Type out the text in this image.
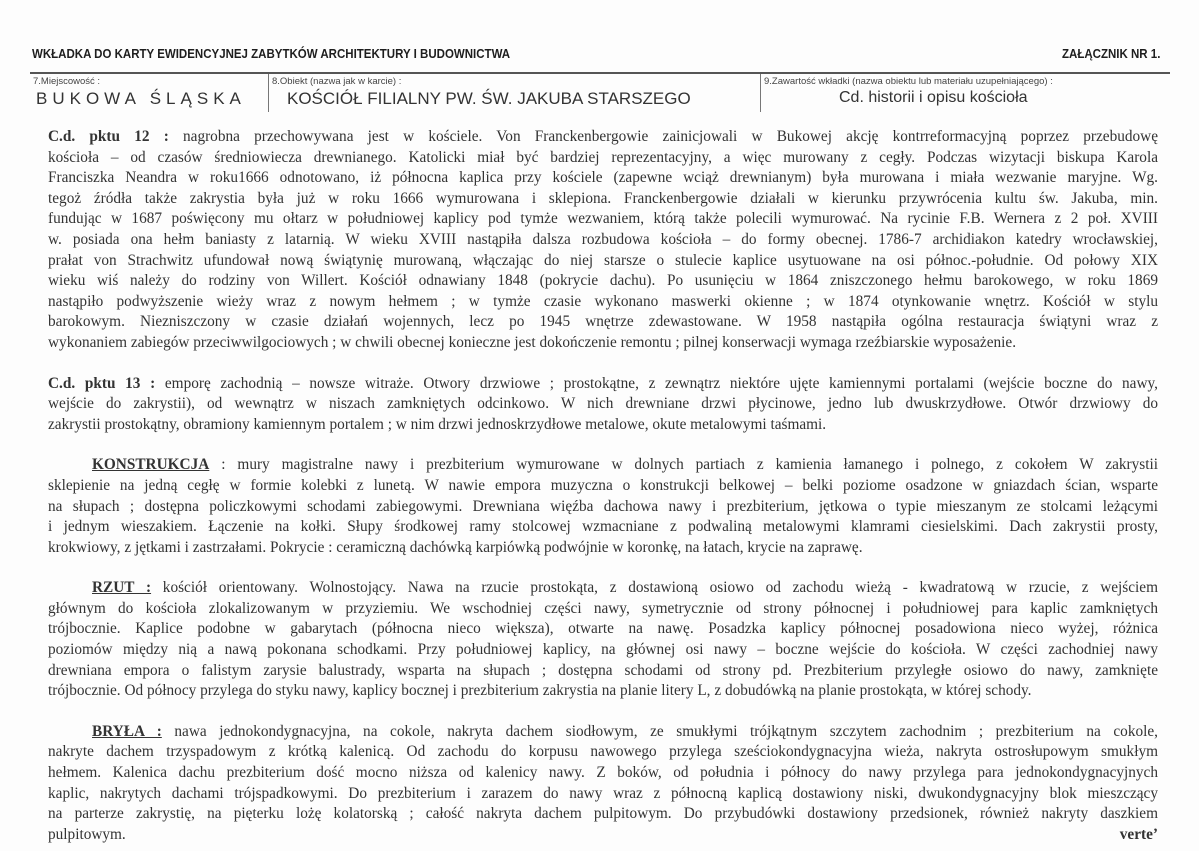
WKŁADKA DO KARTY EWIDENCYJNEJ ZABYTKÓW ARCHITEKTURY I BUDOWNICTWA	ZAŁĄCZNIK NR 1.
7.Miejscowość :
BUKOWA ŚLĄSKA
8.Obiekt (nazwa jak w karcie) :
KOŚCIÓŁ FILIALNY PW. ŚW. JAKUBA STARSZEGO
9.Zawartość wkładki (nazwa obiektu lub materiału uzupełniającego) :
Cd. historii i opisu kościoła
C.d. pktu 12 : nagrobna przechowywana jest w kościele. Von Franckenbergowie zainicjowali w Bukowej akcję kontrreformacyjną poprzez przebudowę
kościoła – od czasów średniowiecza drewnianego. Katolicki miał być bardziej reprezentacyjny, a więc murowany z cegły. Podczas wizytacji biskupa Karola
Franciszka Neandra w roku1666 odnotowano, iż północna kaplica przy kościele (zapewne wciąż drewnianym) była murowana i miała wezwanie maryjne. Wg.
tegoż źródła także zakrystia była już w roku 1666 wymurowana i sklepiona. Franckenbergowie działali w kierunku przywrócenia kultu św. Jakuba, min.
fundując w 1687 poświęcony mu ołtarz w południowej kaplicy pod tymże wezwaniem, którą także polecili wymurować. Na rycinie F.B. Wernera z 2 poł. XVIII
w. posiada ona hełm baniasty z latarnią. W wieku XVIII nastąpiła dalsza rozbudowa kościoła – do formy obecnej. 1786-7 archidiakon katedry wrocławskiej,
prałat von Strachwitz ufundował nową świątynię murowaną, włączając do niej starsze o stulecie kaplice usytuowane na osi północ.-południe. Od połowy XIX
wieku wiś należy do rodziny von Willert. Kościół odnawiany 1848 (pokrycie dachu). Po usunięciu w 1864 zniszczonego hełmu barokowego, w roku 1869
nastąpiło podwyższenie wieży wraz z nowym hełmem ; w tymże czasie wykonano maswerki okienne ; w 1874 otynkowanie wnętrz. Kościół w stylu
barokowym. Niezniszczony w czasie działań wojennych, lecz po 1945 wnętrze zdewastowane. W 1958 nastąpiła ogólna restauracja świątyni wraz z
wykonaniem zabiegów przeciwwilgociowych ; w chwili obecnej konieczne jest dokończenie remontu ; pilnej konserwacji wymaga rzeźbiarskie wyposażenie.
C.d. pktu 13 : emporę zachodnią – nowsze witraże. Otwory drzwiowe ; prostokątne, z zewnątrz niektóre ujęte kamiennymi portalami (wejście boczne do nawy,
wejście do zakrystii), od wewnątrz w niszach zamkniętych odcinkowo. W nich drewniane drzwi płycinowe, jedno lub dwuskrzydłowe. Otwór drzwiowy do
zakrystii prostokątny, obramiony kamiennym portalem ; w nim drzwi jednoskrzydłowe metalowe, okute metalowymi taśmami.
KONSTRUKCJA : mury magistralne nawy i prezbiterium wymurowane w dolnych partiach z kamienia łamanego i polnego, z cokołem W zakrystii
sklepienie na jedną cegłę w formie kolebki z lunetą. W nawie empora muzyczna o konstrukcji belkowej – belki poziome osadzone w gniazdach ścian, wsparte
na słupach ; dostępna policzkowymi schodami zabiegowymi. Drewniana więźba dachowa nawy i prezbiterium, jętkowa o typie mieszanym ze stolcami leżącymi
i jednym wieszakiem. Łączenie na kołki. Słupy środkowej ramy stolcowej wzmacniane z podwaliną metalowymi klamrami ciesielskimi. Dach zakrystii prosty,
krokwiowy, z jętkami i zastrzałami. Pokrycie : ceramiczną dachówką karpiówką podwójnie w koronkę, na łatach, krycie na zaprawę.
RZUT : kościół orientowany. Wolnostojący. Nawa na rzucie prostokąta, z dostawioną osiowo od zachodu wieżą - kwadratową w rzucie, z wejściem
głównym do kościoła zlokalizowanym w przyziemiu. We wschodniej części nawy, symetrycznie od strony północnej i południowej para kaplic zamkniętych
trójbocznie. Kaplice podobne w gabarytach (północna nieco większa), otwarte na nawę. Posadzka kaplicy północnej posadowiona nieco wyżej, różnica
poziomów między nią a nawą pokonana schodkami. Przy południowej kaplicy, na głównej osi nawy – boczne wejście do kościoła. W części zachodniej nawy
drewniana empora o falistym zarysie balustrady, wsparta na słupach ; dostępna schodami od strony pd. Prezbiterium przyległe osiowo do nawy, zamknięte
trójbocznie. Od północy przylega do styku nawy, kaplicy bocznej i prezbiterium zakrystia na planie litery L, z dobudówką na planie prostokąta, w której schody.
BRYŁA : nawa jednokondygnacyjna, na cokole, nakryta dachem siodłowym, ze smukłymi trójkątnym szczytem zachodnim ; prezbiterium na cokole,
nakryte dachem trzyspadowym z krótką kalenicą. Od zachodu do korpusu nawowego przylega sześciokondygnacyjna wieża, nakryta ostrosłupowym smukłym
hełmem. Kalenica dachu prezbiterium dość mocno niższa od kalenicy nawy. Z boków, od południa i północy do nawy przylega para jednokondygnacyjnych
kaplic, nakrytych dachami trójspadkowymi. Do prezbiterium i zarazem do nawy wraz z północną kaplicą dostawiony niski, dwukondygnacyjny blok mieszczący
na parterze zakrystię, na pięterku lożę kolatorską ; całość nakryta dachem pulpitowym. Do przybudówki dostawiony przedsionek, również nakryty daszkiem
pulpitowym.	verte’
